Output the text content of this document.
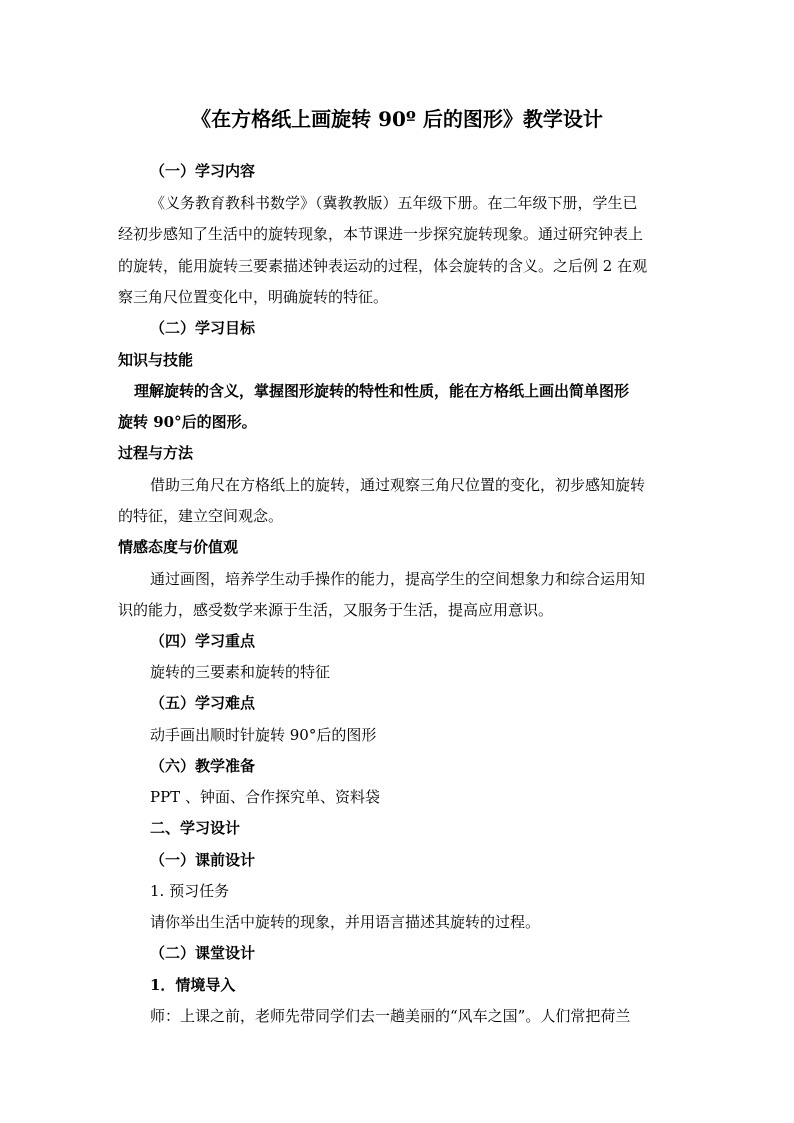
《在方格纸上画旋转 90º 后的图形》教学设计
（一）学习内容
《义务教育教科书数学》（冀教教版）五年级下册。在二年级下册，学生已
经初步感知了生活中的旋转现象，本节课进一步探究旋转现象。通过研究钟表上
的旋转，能用旋转三要素描述钟表运动的过程，体会旋转的含义。之后例 2 在观
察三角尺位置变化中，明确旋转的特征。
（二）学习目标
知识与技能
理解旋转的含义，掌握图形旋转的特性和性质，能在方格纸上画出简单图形
旋转 90°后的图形。
过程与方法
借助三角尺在方格纸上的旋转，通过观察三角尺位置的变化，初步感知旋转
的特征，建立空间观念。
情感态度与价值观
通过画图，培养学生动手操作的能力，提高学生的空间想象力和综合运用知
识的能力，感受数学来源于生活，又服务于生活，提高应用意识。
（四）学习重点
旋转的三要素和旋转的特征
（五）学习难点
动手画出顺时针旋转 90°后的图形
（六）教学准备
PPT 、钟面、合作探究单、资料袋
二、学习设计
（一）课前设计
1. 预习任务
请你举出生活中旋转的现象，并用语言描述其旋转的过程。
（二）课堂设计
1．情境导入
师：上课之前，老师先带同学们去一趟美丽的“风车之国”。人们常把荷兰
